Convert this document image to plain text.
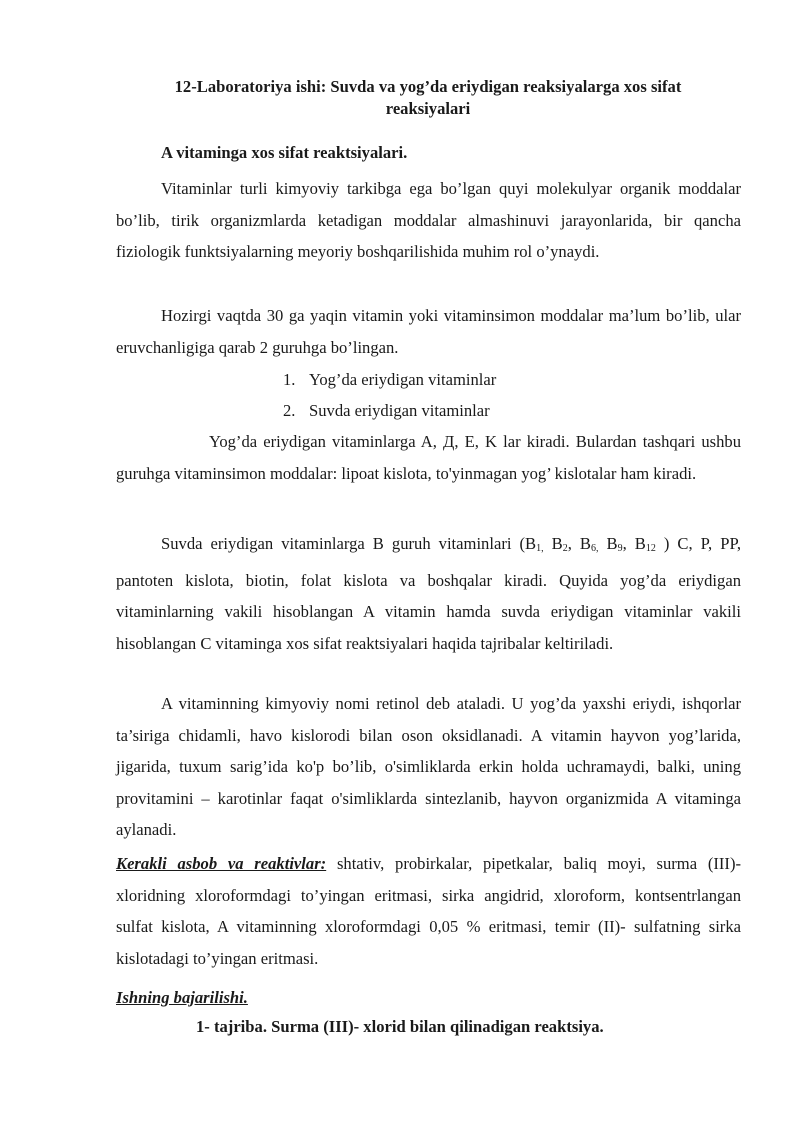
12-Laboratoriya ishi: Suvda va yog’da eriydigan reaksiyalarga xos sifat
reaksiyalari
A vitaminga xos sifat reaktsiyalari.

Vitaminlar turli kimyoviy tarkibga ega bo’lgan quyi molekulyar organik moddalar bo’lib, tirik organizmlarda ketadigan moddalar almashinuvi jarayonlarida, bir qancha fiziologik funktsiyalarning meyoriy boshqarilishida muhim rol o’ynaydi.

Hozirgi vaqtda 30 ga yaqin vitamin yoki vitaminsimon moddalar ma’lum bo’lib, ular eruvchanligiga qarab 2 guruhga bo’lingan.

1. Yog’da eriydigan vitaminlar
2. Suvda eriydigan vitaminlar

Yog’da eriydigan vitaminlarga A, Д, E, K lar kiradi. Bulardan tashqari ushbu guruhga vitaminsimon moddalar: lipoat kislota, to'yinmagan yog’ kislotalar ham kiradi.

Suvda eriydigan vitaminlarga B guruh vitaminlari ($B_{1,}$ $B_2$, $B_{6,}$ $B_9$, $B_{12}$ ) C, P, PP, pantoten kislota, biotin, folat kislota va boshqalar kiradi. Quyida yog’da eriydigan vitaminlarning vakili hisoblangan A vitamin hamda suvda eriydigan vitaminlar vakili hisoblangan C vitaminga xos sifat reaktsiyalari haqida tajribalar keltiriladi.

A vitaminning kimyoviy nomi retinol deb ataladi. U yog’da yaxshi eriydi, ishqorlar ta’siriga chidamli, havo kislorodi bilan oson oksidlanadi. A vitamin hayvon yog’larida, jigarida, tuxum sarig’ida ko'p bo’lib, o'simliklarda erkin holda uchramaydi, balki, uning provitamini – karotinlar faqat o'simliklarda sintezlanib, hayvon organizmida A vitaminga aylanadi.

Kerakli asbob va reaktivlar: shtativ, probirkalar, pipetkalar, baliq moyi, surma (III)-xloridning xloroformdagi to’yingan eritmasi, sirka angidrid, xloroform, kontsentrlangan sulfat kislota, A vitaminning xloroformdagi 0,05 % eritmasi, temir (II)- sulfatning sirka kislotadagi to’yingan eritmasi.

Ishning bajarilishi.
1- tajriba. Surma (III)- xlorid bilan qilinadigan reaktsiya.
